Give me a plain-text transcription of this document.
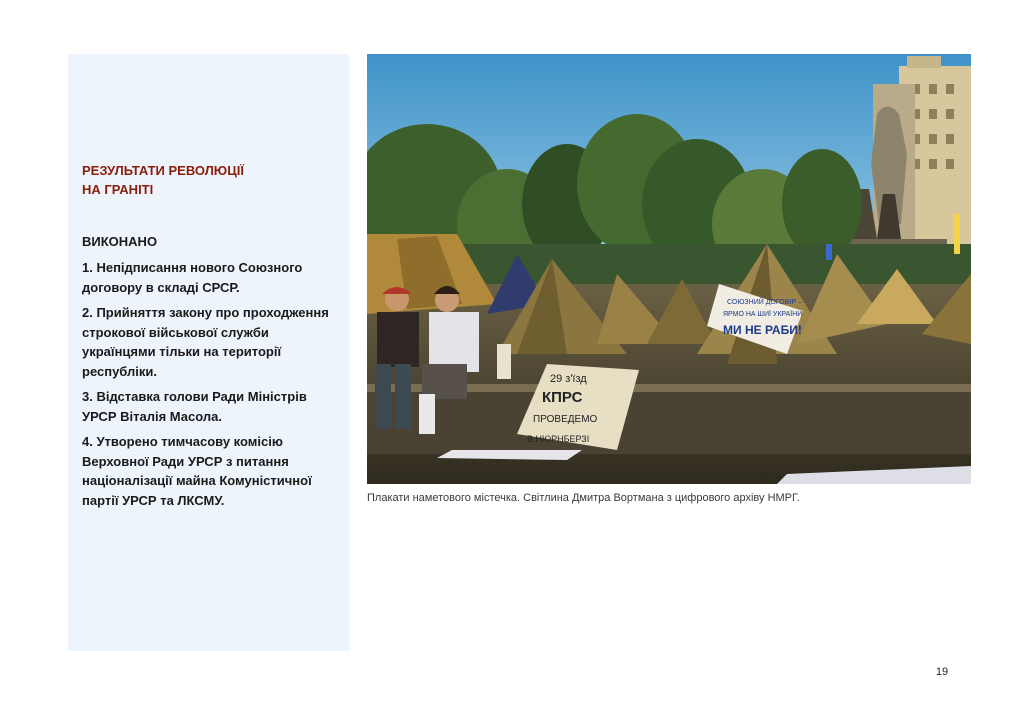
РЕЗУЛЬТАТИ РЕВОЛЮЦІЇ
НА ГРАНІТІ
ВИКОНАНО
1. Непідписання нового Союзного договору в складі СРСР.
2. Прийняття закону про проходження строкової військової служби українцями тільки на території республіки.
3. Відставка голови Ради Міністрів УРСР Віталія Масола.
4. Утворено тимчасову комісію Верховної Ради УРСР з питання націоналізації майна Комуністичної партії УРСР та ЛКСМУ.
29 з'їзд
КПРС
ПРОВЕДЕМО
В НЮРНБЕРЗІ
СОЮЗНИЙ ДОГОВІР –
ЯРМО НА ШИЇ УКРАЇНИ
МИ НЕ РАБИ!
Плакати наметового містечка. Світлина Дмитра Вортмана з цифрового архіву НМРГ.
19
